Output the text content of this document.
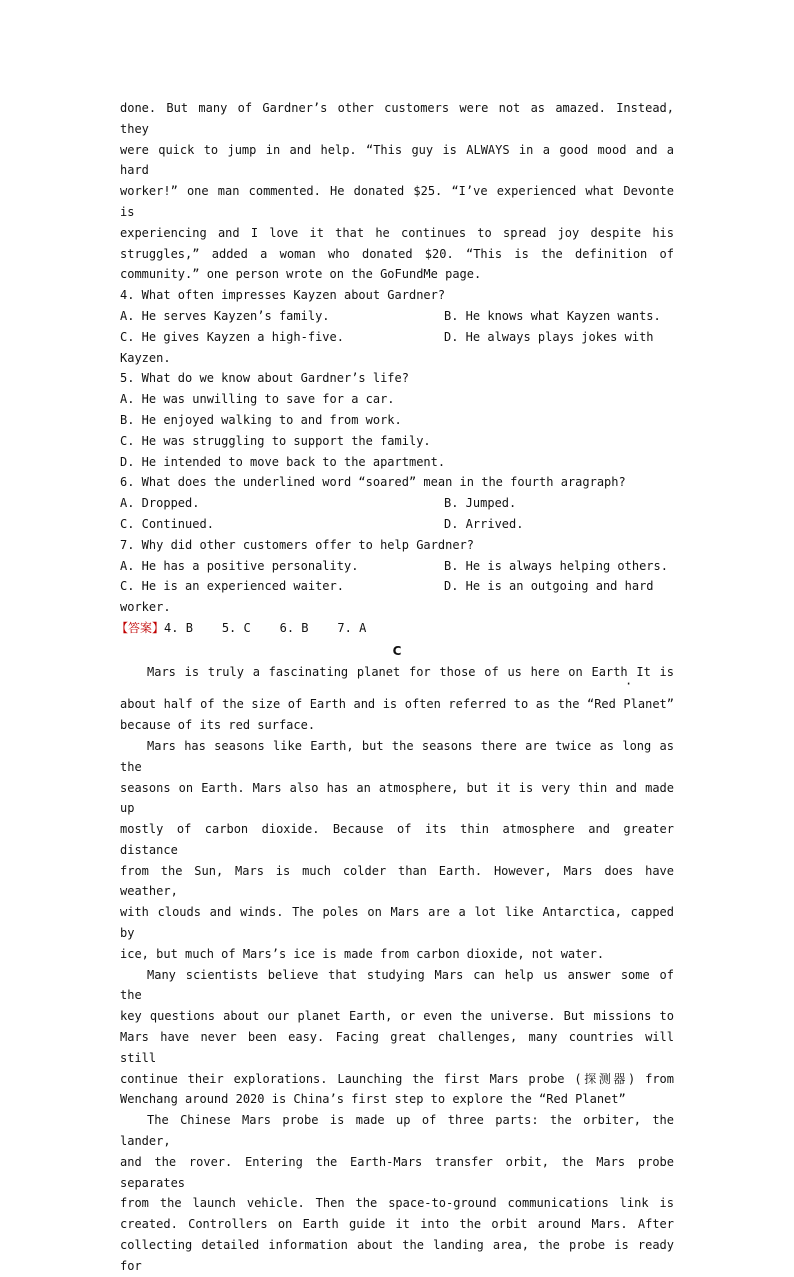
done. But many of Gardner’s other customers were not as amazed. Instead, they
were quick to jump in and help. “This guy is ALWAYS in a good mood and a hard
worker!” one man commented. He donated $25. “I’ve experienced what Devonte is
experiencing and I love it that he continues to spread joy despite his
struggles,” added a woman who donated $20. “This is the definition of
community.” one person wrote on the GoFundMe page.
4. What often impresses Kayzen about Gardner?
A. He serves Kayzen’s family.	B. He knows what Kayzen wants.
C. He gives Kayzen a high-five.	D. He always plays jokes with
Kayzen.
5. What do we know about Gardner’s life?
A. He was unwilling to save for a car.
B. He enjoyed walking to and from work.
C. He was struggling to support the family.
D. He intended to move back to the apartment.
6. What does the underlined word “soared” mean in the fourth aragraph?
A. Dropped.	B. Jumped.
C. Continued.	D. Arrived.
7. Why did other customers offer to help Gardner?
A. He has a positive personality.	B. He is always helping others.
C. He is an experienced waiter.	D. He is an outgoing and hard
worker.
【答案】4. B    5. C    6. B    7. A
C
Mars is truly a fascinating planet for those of us here on Earth It is
·
about half of the size of Earth and is often referred to as the “Red Planet”
because of its red surface.
Mars has seasons like Earth, but the seasons there are twice as long as the
seasons on Earth. Mars also has an atmosphere, but it is very thin and made up
mostly of carbon dioxide. Because of its thin atmosphere and greater distance
from the Sun, Mars is much colder than Earth. However, Mars does have weather,
with clouds and winds. The poles on Mars are a lot like Antarctica, capped by
ice, but much of Mars’s ice is made from carbon dioxide, not water.
Many scientists believe that studying Mars can help us answer some of the
key questions about our planet Earth, or even the universe. But missions to
Mars have never been easy. Facing great challenges, many countries will still
continue their explorations. Launching the first Mars probe (探测器) from
Wenchang around 2020 is China’s first step to explore the “Red Planet”
The Chinese Mars probe is made up of three parts: the orbiter, the lander,
and the rover. Entering the Earth-Mars transfer orbit, the Mars probe separates
from the launch vehicle. Then the space-to-ground communications link is
created. Controllers on Earth guide it into the orbit around Mars. After
collecting detailed information about the landing area, the probe is ready for
